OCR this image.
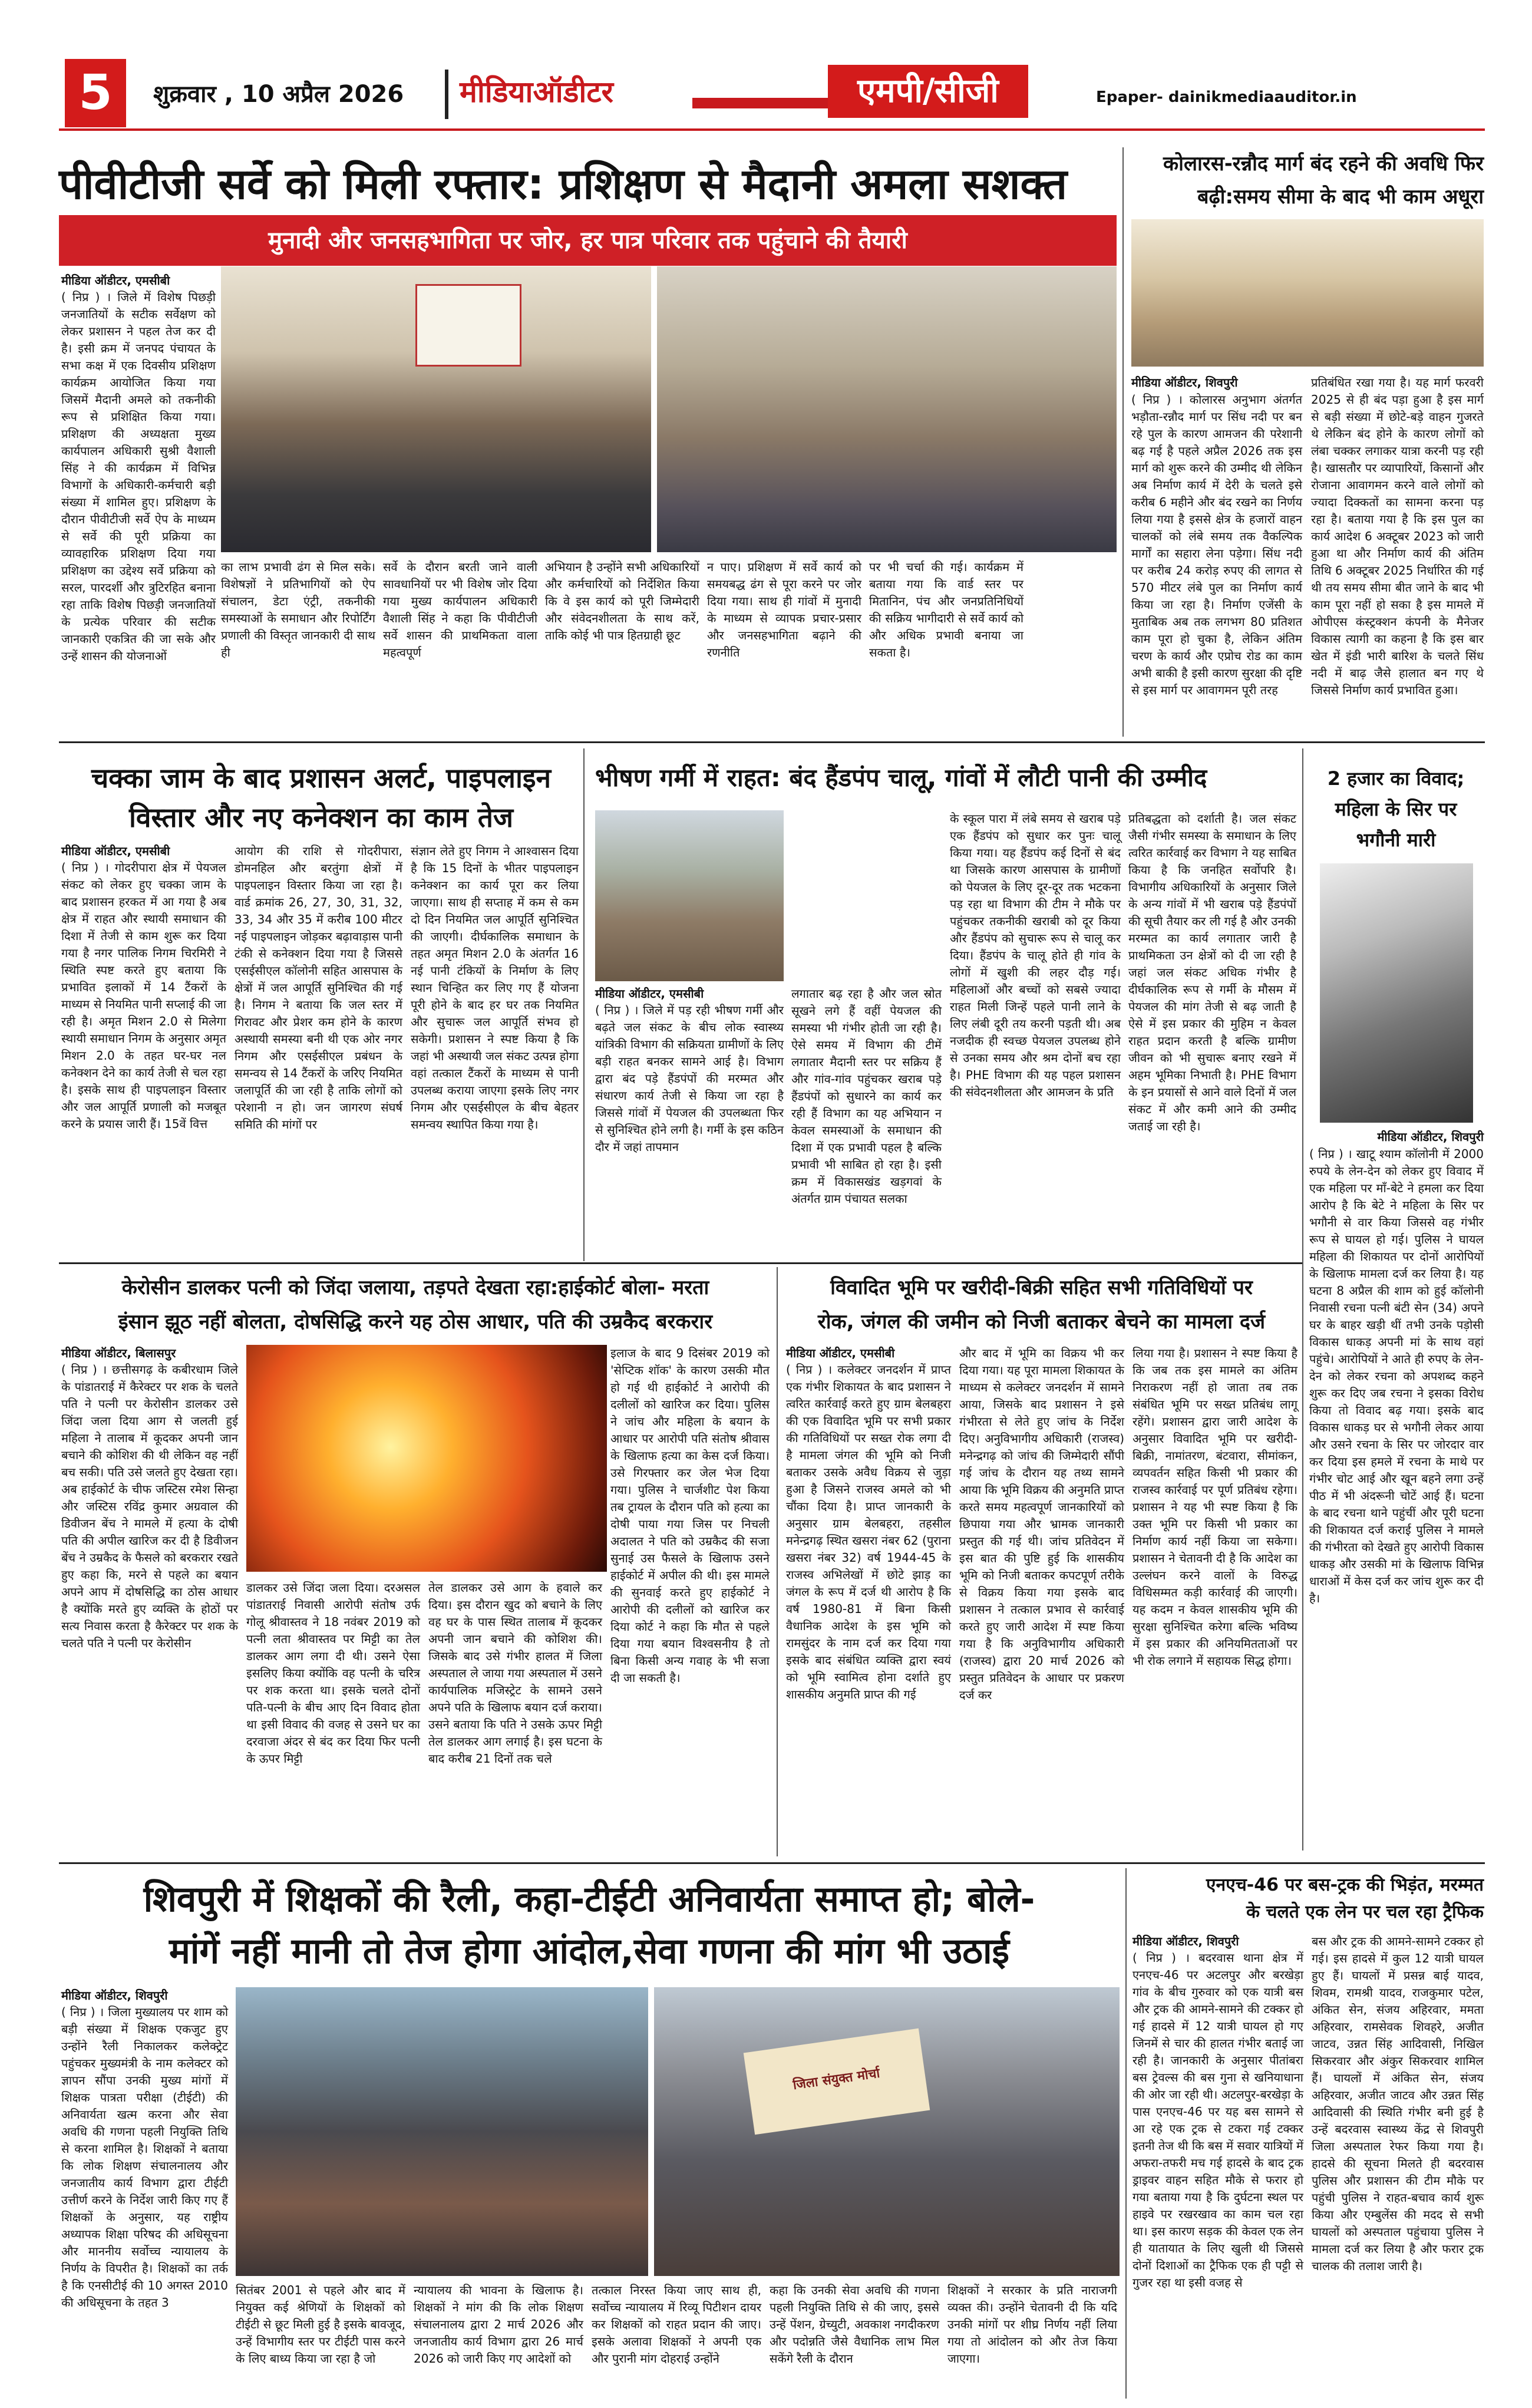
5	शुक्रवार , 10 अप्रैल 2026 मीडियाऑडीटर	एमपी/सीजी	Epaper- dainikmediaauditor.in
पीवीटीजी सर्वे को मिली रफ्तार: प्रशिक्षण से मैदानी अमला सशक्त
मुनादी और जनसहभागिता पर जोर, हर पात्र परिवार तक पहुंचाने की तैयारी
मीडिया ऑडीटर, एमसीबी
( निप्र ) । जिले में विशेष पिछड़ी जनजातियों के सटीक सर्वेक्षण को लेकर प्रशासन ने पहल तेज कर दी है। इसी क्रम में जनपद पंचायत के सभा कक्ष में एक दिवसीय प्रशिक्षण कार्यक्रम आयोजित किया गया जिसमें मैदानी अमले को तकनीकी रूप से प्रशिक्षित किया गया। प्रशिक्षण की अध्यक्षता मुख्य कार्यपालन अधिकारी सुश्री वैशाली सिंह ने की कार्यक्रम में विभिन्न विभागों के अधिकारी-कर्मचारी बड़ी संख्या में शामिल हुए। प्रशिक्षण के दौरान पीवीटीजी सर्वे ऐप के माध्यम से सर्वे की पूरी प्रक्रिया का व्यावहारिक प्रशिक्षण दिया गया प्रशिक्षण का उद्देश्य सर्वे प्रक्रिया को सरल, पारदर्शी और त्रुटिरहित बनाना रहा ताकि विशेष पिछड़ी जनजातियों के प्रत्येक परिवार की सटीक जानकारी एकत्रित की जा सके और उन्हें शासन की योजनाओं
का लाभ प्रभावी ढंग से मिल सके। विशेषज्ञों ने प्रतिभागियों को ऐप संचालन, डेटा एंट्री, तकनीकी समस्याओं के समाधान और रिपोर्टिंग प्रणाली की विस्तृत जानकारी दी साथ ही
सर्वे के दौरान बरती जाने वाली सावधानियों पर भी विशेष जोर दिया गया मुख्य कार्यपालन अधिकारी वैशाली सिंह ने कहा कि पीवीटीजी सर्वे शासन की प्राथमिकता वाला महत्वपूर्ण
अभियान है उन्होंने सभी अधिकारियों और कर्मचारियों को निर्देशित किया कि वे इस कार्य को पूरी जिम्मेदारी और संवेदनशीलता के साथ करें, ताकि कोई भी पात्र हितग्राही छूट
न पाए। प्रशिक्षण में सर्वे कार्य को समयबद्ध ढंग से पूरा करने पर जोर दिया गया। साथ ही गांवों में मुनादी के माध्यम से व्यापक प्रचार-प्रसार और जनसहभागिता बढ़ाने की रणनीति
पर भी चर्चा की गई। कार्यक्रम में बताया गया कि वार्ड स्तर पर मितानिन, पंच और जनप्रतिनिधियों की सक्रिय भागीदारी से सर्वे कार्य को और अधिक प्रभावी बनाया जा सकता है।
कोलारस-रन्नौद मार्ग बंद रहने की अवधि फिर बढ़ी:समय सीमा के बाद भी काम अधूरा
मीडिया ऑडीटर, शिवपुरी
( निप्र ) । कोलारस अनुभाग अंतर्गत भड़ौता-रन्नौद मार्ग पर सिंध नदी पर बन रहे पुल के कारण आमजन की परेशानी बढ़ गई है पहले अप्रैल 2026 तक इस मार्ग को शुरू करने की उम्मीद थी लेकिन अब निर्माण कार्य में देरी के चलते इसे करीब 6 महीने और बंद रखने का निर्णय लिया गया है इससे क्षेत्र के हजारों वाहन चालकों को लंबे समय तक वैकल्पिक मार्गों का सहारा लेना पड़ेगा। सिंध नदी पर करीब 24 करोड़ रुपए की लागत से 570 मीटर लंबे पुल का निर्माण कार्य किया जा रहा है। निर्माण एजेंसी के मुताबिक अब तक लगभग 80 प्रतिशत काम पूरा हो चुका है, लेकिन अंतिम चरण के कार्य और एप्रोच रोड का काम अभी बाकी है इसी कारण सुरक्षा की दृष्टि से इस मार्ग पर आवागमन पूरी तरह
प्रतिबंधित रखा गया है। यह मार्ग फरवरी 2025 से ही बंद पड़ा हुआ है इस मार्ग से बड़ी संख्या में छोटे-बड़े वाहन गुजरते थे लेकिन बंद होने के कारण लोगों को लंबा चक्कर लगाकर यात्रा करनी पड़ रही है। खासतौर पर व्यापारियों, किसानों और रोजाना आवागमन करने वाले लोगों को ज्यादा दिक्कतों का सामना करना पड़ रहा है। बताया गया है कि इस पुल का कार्य आदेश 6 अक्टूबर 2023 को जारी हुआ था और निर्माण कार्य की अंतिम तिथि 6 अक्टूबर 2025 निर्धारित की गई थी तय समय सीमा बीत जाने के बाद भी काम पूरा नहीं हो सका है इस मामले में ओपीएस कंस्ट्रक्शन कंपनी के मैनेजर विकास त्यागी का कहना है कि इस बार खेत में इंडी भारी बारिश के चलते सिंध नदी में बाढ़ जैसे हालात बन गए थे जिससे निर्माण कार्य प्रभावित हुआ।
चक्का जाम के बाद प्रशासन अलर्ट, पाइपलाइन
विस्तार और नए कनेक्शन का काम तेज
मीडिया ऑडीटर, एमसीबी
( निप्र ) । गोदरीपारा क्षेत्र में पेयजल संकट को लेकर हुए चक्का जाम के बाद प्रशासन हरकत में आ गया है अब क्षेत्र में राहत और स्थायी समाधान की दिशा में तेजी से काम शुरू कर दिया गया है नगर पालिक निगम चिरमिरी ने स्थिति स्पष्ट करते हुए बताया कि प्रभावित इलाकों में 14 टैंकरों के माध्यम से नियमित पानी सप्लाई की जा रही है। अमृत मिशन 2.0 से मिलेगा स्थायी समाधान निगम के अनुसार अमृत मिशन 2.0 के तहत घर-घर नल कनेक्शन देने का कार्य तेजी से चल रहा है। इसके साथ ही पाइपलाइन विस्तार और जल आपूर्ति प्रणाली को मजबूत करने के प्रयास जारी हैं। 15वें वित्त
आयोग की राशि से गोदरीपारा, डोमनहिल और बरतुंगा क्षेत्रों में पाइपलाइन विस्तार किया जा रहा है। वार्ड क्रमांक 26, 27, 30, 31, 32, 33, 34 और 35 में करीब 100 मीटर नई पाइपलाइन जोड़कर बढ़ावाड़ास पानी टंकी से कनेक्शन दिया गया है जिससे एसईसीएल कॉलोनी सहित आसपास के क्षेत्रों में जल आपूर्ति सुनिश्चित की गई है। निगम ने बताया कि जल स्तर में गिरावट और प्रेशर कम होने के कारण अस्थायी समस्या बनी थी एक ओर नगर निगम और एसईसीएल प्रबंधन के समन्वय से 14 टैंकरों के जरिए नियमित जलापूर्ति की जा रही है ताकि लोगों को परेशानी न हो। जन जागरण संघर्ष समिति की मांगों पर
संज्ञान लेते हुए निगम ने आश्वासन दिया है कि 15 दिनों के भीतर पाइपलाइन कनेक्शन का कार्य पूरा कर लिया जाएगा। साथ ही सप्ताह में कम से कम दो दिन नियमित जल आपूर्ति सुनिश्चित की जाएगी। दीर्घकालिक समाधान के तहत अमृत मिशन 2.0 के अंतर्गत 16 नई पानी टंकियों के निर्माण के लिए स्थान चिन्हित कर लिए गए हैं योजना पूरी होने के बाद हर घर तक नियमित और सुचारू जल आपूर्ति संभव हो सकेगी। प्रशासन ने स्पष्ट किया है कि जहां भी अस्थायी जल संकट उत्पन्न होगा वहां तत्काल टैंकरों के माध्यम से पानी उपलब्ध कराया जाएगा इसके लिए नगर निगम और एसईसीएल के बीच बेहतर समन्वय स्थापित किया गया है।
भीषण गर्मी में राहत: बंद हैंडपंप चालू, गांवों में लौटी पानी की उम्मीद
मीडिया ऑडीटर, एमसीबी
( निप्र ) । जिले में पड़ रही भीषण गर्मी और बढ़ते जल संकट के बीच लोक स्वास्थ्य यांत्रिकी विभाग की सक्रियता ग्रामीणों के लिए बड़ी राहत बनकर सामने आई है। विभाग द्वारा बंद पड़े हैंडपंपों की मरम्मत और संधारण कार्य तेजी से किया जा रहा है जिससे गांवों में पेयजल की उपलब्धता फिर से सुनिश्चित होने लगी है। गर्मी के इस कठिन दौर में जहां तापमान
लगातार बढ़ रहा है और जल स्रोत सूखने लगे हैं वहीं पेयजल की समस्या भी गंभीर होती जा रही है। ऐसे समय में विभाग की टीमें लगातार मैदानी स्तर पर सक्रिय हैं और गांव-गांव पहुंचकर खराब पड़े हैंडपंपों को सुधारने का कार्य कर रही हैं विभाग का यह अभियान न केवल समस्याओं के समाधान की दिशा में एक प्रभावी पहल है बल्कि प्रभावी भी साबित हो रहा है। इसी क्रम में विकासखंड खड़गवां के अंतर्गत ग्राम पंचायत सलका
के स्कूल पारा में लंबे समय से खराब पड़े एक हैंडपंप को सुधार कर पुनः चालू किया गया। यह हैंडपंप कई दिनों से बंद था जिसके कारण आसपास के ग्रामीणों को पेयजल के लिए दूर-दूर तक भटकना पड़ रहा था विभाग की टीम ने मौके पर पहुंचकर तकनीकी खराबी को दूर किया और हैंडपंप को सुचारू रूप से चालू कर दिया। हैंडपंप के चालू होते ही गांव के लोगों में खुशी की लहर दौड़ गई। महिलाओं और बच्चों को सबसे ज्यादा राहत मिली जिन्हें पहले पानी लाने के लिए लंबी दूरी तय करनी पड़ती थी। अब नजदीक ही स्वच्छ पेयजल उपलब्ध होने से उनका समय और श्रम दोनों बच रहा है। PHE विभाग की यह पहल प्रशासन की संवेदनशीलता और आमजन के प्रति
प्रतिबद्धता को दर्शाती है। जल संकट जैसी गंभीर समस्या के समाधान के लिए त्वरित कार्रवाई कर विभाग ने यह साबित किया है कि जनहित सर्वोपरि है। विभागीय अधिकारियों के अनुसार जिले के अन्य गांवों में भी खराब पड़े हैंडपंपों की सूची तैयार कर ली गई है और उनकी मरम्मत का कार्य लगातार जारी है प्राथमिकता उन क्षेत्रों को दी जा रही है जहां जल संकट अधिक गंभीर है दीर्घकालिक रूप से गर्मी के मौसम में पेयजल की मांग तेजी से बढ़ जाती है ऐसे में इस प्रकार की मुहिम न केवल राहत प्रदान करती है बल्कि ग्रामीण जीवन को भी सुचारू बनाए रखने में अहम भूमिका निभाती है। PHE विभाग के इन प्रयासों से आने वाले दिनों में जल संकट में और कमी आने की उम्मीद जताई जा रही है।
2 हजार का विवाद;
महिला के सिर पर
भगौनी मारी
मीडिया ऑडीटर, शिवपुरी
( निप्र ) । खाटू श्याम कॉलोनी में 2000 रुपये के लेन-देन को लेकर हुए विवाद में एक महिला पर माँ-बेटे ने हमला कर दिया आरोप है कि बेटे ने महिला के सिर पर भगौनी से वार किया जिससे वह गंभीर रूप से घायल हो गई। पुलिस ने घायल महिला की शिकायत पर दोनों आरोपियों के खिलाफ मामला दर्ज कर लिया है। यह घटना 8 अप्रैल की शाम को हुई कॉलोनी निवासी रचना पत्नी बंटी सेन (34) अपने घर के बाहर खड़ी थीं तभी उनके पड़ोसी विकास धाकड़ अपनी मां के साथ वहां पहुंचे। आरोपियों ने आते ही रुपए के लेन-देन को लेकर रचना को अपशब्द कहने शुरू कर दिए जब रचना ने इसका विरोध किया तो विवाद बढ़ गया। इसके बाद विकास धाकड़ घर से भगौनी लेकर आया और उसने रचना के सिर पर जोरदार वार कर दिया इस हमले में रचना के माथे पर गंभीर चोट आई और खून बहने लगा उन्हें पीठ में भी अंदरूनी चोटें आई हैं। घटना के बाद रचना थाने पहुंचीं और पूरी घटना की शिकायत दर्ज कराई पुलिस ने मामले की गंभीरता को देखते हुए आरोपी विकास धाकड़ और उसकी मां के खिलाफ विभिन्न धाराओं में केस दर्ज कर जांच शुरू कर दी है।
केरोसीन डालकर पत्नी को जिंदा जलाया, तड़पते देखता रहा:हाईकोर्ट बोला- मरता
इंसान झूठ नहीं बोलता, दोषसिद्धि करने यह ठोस आधार, पति की उम्रकैद बरकरार
मीडिया ऑडीटर, बिलासपुर
( निप्र ) । छत्तीसगढ़ के कबीरधाम जिले के पांडातराई में कैरेक्टर पर शक के चलते पति ने पत्नी पर केरोसीन डालकर उसे जिंदा जला दिया आग से जलती हुई महिला ने तालाब में कूदकर अपनी जान बचाने की कोशिश की थी लेकिन वह नहीं बच सकी। पति उसे जलते हुए देखता रहा। अब हाईकोर्ट के चीफ जस्टिस रमेश सिन्हा और जस्टिस रविंद्र कुमार अग्रवाल की डिवीजन बेंच ने मामले में हत्या के दोषी पति की अपील खारिज कर दी है डिवीजन बेंच ने उम्रकैद के फैसले को बरकरार रखते हुए कहा कि, मरने से पहले का बयान अपने आप में दोषसिद्धि का ठोस आधार है क्योंकि मरते हुए व्यक्ति के होठों पर सत्य निवास करता है कैरेक्टर पर शक के चलते पति ने पत्नी पर केरोसीन
डालकर उसे जिंदा जला दिया। दरअसल पांडातराई निवासी आरोपी संतोष उर्फ गोलू श्रीवास्तव ने 18 नवंबर 2019 को पत्नी लता श्रीवास्तव पर मिट्टी का तेल डालकर आग लगा दी थी। उसने ऐसा इसलिए किया क्योंकि वह पत्नी के चरित्र पर शक करता था। इसके चलते दोनों पति-पत्नी के बीच आए दिन विवाद होता था इसी विवाद की वजह से उसने घर का दरवाजा अंदर से बंद कर दिया फिर पत्नी के ऊपर मिट्टी
तेल डालकर उसे आग के हवाले कर दिया। इस दौरान खुद को बचाने के लिए वह घर के पास स्थित तालाब में कूदकर अपनी जान बचाने की कोशिश की। जिसके बाद उसे गंभीर हालत में जिला अस्पताल ले जाया गया अस्पताल में उसने कार्यपालिक मजिस्ट्रेट के सामने उसने अपने पति के खिलाफ बयान दर्ज कराया। उसने बताया कि पति ने उसके ऊपर मिट्टी तेल डालकर आग लगाई है। इस घटना के बाद करीब 21 दिनों तक चले
इलाज के बाद 9 दिसंबर 2019 को 'सेप्टिक शॉक' के कारण उसकी मौत हो गई थी हाईकोर्ट ने आरोपी की दलीलों को खारिज कर दिया। पुलिस ने जांच और महिला के बयान के आधार पर आरोपी पति संतोष श्रीवास के खिलाफ हत्या का केस दर्ज किया। उसे गिरफ्तार कर जेल भेज दिया गया। पुलिस ने चार्जशीट पेश किया तब ट्रायल के दौरान पति को हत्या का दोषी पाया गया जिस पर निचली अदालत ने पति को उम्रकैद की सजा सुनाई उस फैसले के खिलाफ उसने हाईकोर्ट में अपील की थी। इस मामले की सुनवाई करते हुए हाईकोर्ट ने आरोपी की दलीलों को खारिज कर दिया कोर्ट ने कहा कि मौत से पहले दिया गया बयान विश्वसनीय है तो बिना किसी अन्य गवाह के भी सजा दी जा सकती है।
विवादित भूमि पर खरीदी-बिक्री सहित सभी गतिविधियों पर
रोक, जंगल की जमीन को निजी बताकर बेचने का मामला दर्ज
मीडिया ऑडीटर, एमसीबी
( निप्र ) । कलेक्टर जनदर्शन में प्राप्त एक गंभीर शिकायत के बाद प्रशासन ने त्वरित कार्रवाई करते हुए ग्राम बेलबहरा की एक विवादित भूमि पर सभी प्रकार की गतिविधियों पर सख्त रोक लगा दी है मामला जंगल की भूमि को निजी बताकर उसके अवैध विक्रय से जुड़ा हुआ है जिसने राजस्व अमले को भी चौंका दिया है। प्राप्त जानकारी के अनुसार ग्राम बेलबहरा, तहसील मनेन्द्रगढ़ स्थित खसरा नंबर 62 (पुराना खसरा नंबर 32) वर्ष 1944-45 के राजस्व अभिलेखों में छोटे झाड़ का जंगल के रूप में दर्ज थी आरोप है कि वर्ष 1980-81 में बिना किसी वैधानिक आदेश के इस भूमि को रामसुंदर के नाम दर्ज कर दिया गया इसके बाद संबंधित व्यक्ति द्वारा स्वयं को भूमि स्वामित्व होना दर्शाते हुए शासकीय अनुमति प्राप्त की गई
और बाद में भूमि का विक्रय भी कर दिया गया। यह पूरा मामला शिकायत के माध्यम से कलेक्टर जनदर्शन में सामने आया, जिसके बाद प्रशासन ने इसे गंभीरता से लेते हुए जांच के निर्देश दिए। अनुविभागीय अधिकारी (राजस्व) मनेन्द्रगढ़ को जांच की जिम्मेदारी सौंपी गई जांच के दौरान यह तथ्य सामने आया कि भूमि विक्रय की अनुमति प्राप्त करते समय महत्वपूर्ण जानकारियों को छिपाया गया और भ्रामक जानकारी प्रस्तुत की गई थी। जांच प्रतिवेदन में इस बात की पुष्टि हुई कि शासकीय भूमि को निजी बताकर कपटपूर्ण तरीके से विक्रय किया गया इसके बाद प्रशासन ने तत्काल प्रभाव से कार्रवाई करते हुए जारी आदेश में स्पष्ट किया गया है कि अनुविभागीय अधिकारी (राजस्व) द्वारा 20 मार्च 2026 को प्रस्तुत प्रतिवेदन के आधार पर प्रकरण दर्ज कर
लिया गया है। प्रशासन ने स्पष्ट किया है कि जब तक इस मामले का अंतिम निराकरण नहीं हो जाता तब तक संबंधित भूमि पर सख्त प्रतिबंध लागू रहेंगे। प्रशासन द्वारा जारी आदेश के अनुसार विवादित भूमि पर खरीदी-बिक्री, नामांतरण, बंटवारा, सीमांकन, व्यपवर्तन सहित किसी भी प्रकार की राजस्व कार्रवाई पर पूर्ण प्रतिबंध रहेगा। प्रशासन ने यह भी स्पष्ट किया है कि उक्त भूमि पर किसी भी प्रकार का निर्माण कार्य नहीं किया जा सकेगा। प्रशासन ने चेतावनी दी है कि आदेश का उल्लंघन करने वालों के विरुद्ध विधिसम्मत कड़ी कार्रवाई की जाएगी। यह कदम न केवल शासकीय भूमि की सुरक्षा सुनिश्चित करेगा बल्कि भविष्य में इस प्रकार की अनियमितताओं पर भी रोक लगाने में सहायक सिद्ध होगा।
शिवपुरी में शिक्षकों की रैली, कहा-टीईटी अनिवार्यता समाप्त हो; बोले-
मांगें नहीं मानी तो तेज होगा आंदोल,सेवा गणना की मांग भी उठाई
मीडिया ऑडीटर, शिवपुरी
( निप्र ) । जिला मुख्यालय पर शाम को बड़ी संख्या में शिक्षक एकजुट हुए उन्होंने रैली निकालकर कलेक्ट्रेट पहुंचकर मुख्यमंत्री के नाम कलेक्टर को ज्ञापन सौंपा उनकी मुख्य मांगों में शिक्षक पात्रता परीक्षा (टीईटी) की अनिवार्यता खत्म करना और सेवा अवधि की गणना पहली नियुक्ति तिथि से करना शामिल है। शिक्षकों ने बताया कि लोक शिक्षण संचालनालय और जनजातीय कार्य विभाग द्वारा टीईटी उत्तीर्ण करने के निर्देश जारी किए गए हैं शिक्षकों के अनुसार, यह राष्ट्रीय अध्यापक शिक्षा परिषद की अधिसूचना और माननीय सर्वोच्च न्यायालय के निर्णय के विपरीत है। शिक्षकों का तर्क है कि एनसीटीई की 10 अगस्त 2010 की अधिसूचना के तहत 3
जिला संयुक्त मोर्चा
सितंबर 2001 से पहले और बाद में नियुक्त कई श्रेणियों के शिक्षकों को टीईटी से छूट मिली हुई है इसके बावजूद, उन्हें विभागीय स्तर पर टीईटी पास करने के लिए बाध्य किया जा रहा है जो
न्यायालय की भावना के खिलाफ है। शिक्षकों ने मांग की कि लोक शिक्षण संचालनालय द्वारा 2 मार्च 2026 और जनजातीय कार्य विभाग द्वारा 26 मार्च 2026 को जारी किए गए आदेशों को
तत्काल निरस्त किया जाए साथ ही, सर्वोच्च न्यायालय में रिव्यू पिटीशन दायर कर शिक्षकों को राहत प्रदान की जाए। इसके अलावा शिक्षकों ने अपनी एक और पुरानी मांग दोहराई उन्होंने
कहा कि उनकी सेवा अवधि की गणना पहली नियुक्ति तिथि से की जाए, इससे उन्हें पेंशन, ग्रेच्युटी, अवकाश नगदीकरण और पदोन्नति जैसे वैधानिक लाभ मिल सकेंगे रैली के दौरान
शिक्षकों ने सरकार के प्रति नाराजगी व्यक्त की। उन्होंने चेतावनी दी कि यदि उनकी मांगों पर शीघ्र निर्णय नहीं लिया गया तो आंदोलन को और तेज किया जाएगा।
एनएच-46 पर बस-ट्रक की भिड़ंत, मरम्मत
के चलते एक लेन पर चल रहा ट्रैफिक
मीडिया ऑडीटर, शिवपुरी
( निप्र ) । बदरवास थाना क्षेत्र में एनएच-46 पर अटलपुर और बरखेड़ा गांव के बीच गुरुवार को एक यात्री बस और ट्रक की आमने-सामने की टक्कर हो गई हादसे में 12 यात्री घायल हो गए जिनमें से चार की हालत गंभीर बताई जा रही है। जानकारी के अनुसार पीतांबरा बस ट्रेवल्स की बस गुना से खनियाधाना की ओर जा रही थी। अटलपुर-बरखेड़ा के पास एनएच-46 पर यह बस सामने से आ रहे एक ट्रक से टकरा गई टक्कर इतनी तेज थी कि बस में सवार यात्रियों में अफरा-तफरी मच गई हादसे के बाद ट्रक ड्राइवर वाहन सहित मौके से फरार हो गया बताया गया है कि दुर्घटना स्थल पर हाइवे पर रखरखाव का काम चल रहा था। इस कारण सड़क की केवल एक लेन ही यातायात के लिए खुली थी जिससे दोनों दिशाओं का ट्रैफिक एक ही पट्टी से गुजर रहा था इसी वजह से
बस और ट्रक की आमने-सामने टक्कर हो गई। इस हादसे में कुल 12 यात्री घायल हुए हैं। घायलों में प्रसन्न बाई यादव, शिवम, रामश्री यादव, राजकुमार पटेल, अंकित सेन, संजय अहिरवार, ममता अहिरवार, रामसेवक शिवहरे, अजीत जाटव, उन्नत सिंह आदिवासी, निखिल सिकरवार और अंकुर सिकरवार शामिल हैं। घायलों में अंकित सेन, संजय अहिरवार, अजीत जाटव और उन्नत सिंह आदिवासी की स्थिति गंभीर बनी हुई है उन्हें बदरवास स्वास्थ्य केंद्र से शिवपुरी जिला अस्पताल रेफर किया गया है। हादसे की सूचना मिलते ही बदरवास पुलिस और प्रशासन की टीम मौके पर पहुंची पुलिस ने राहत-बचाव कार्य शुरू किया और एम्बुलेंस की मदद से सभी घायलों को अस्पताल पहुंचाया पुलिस ने मामला दर्ज कर लिया है और फरार ट्रक चालक की तलाश जारी है।
